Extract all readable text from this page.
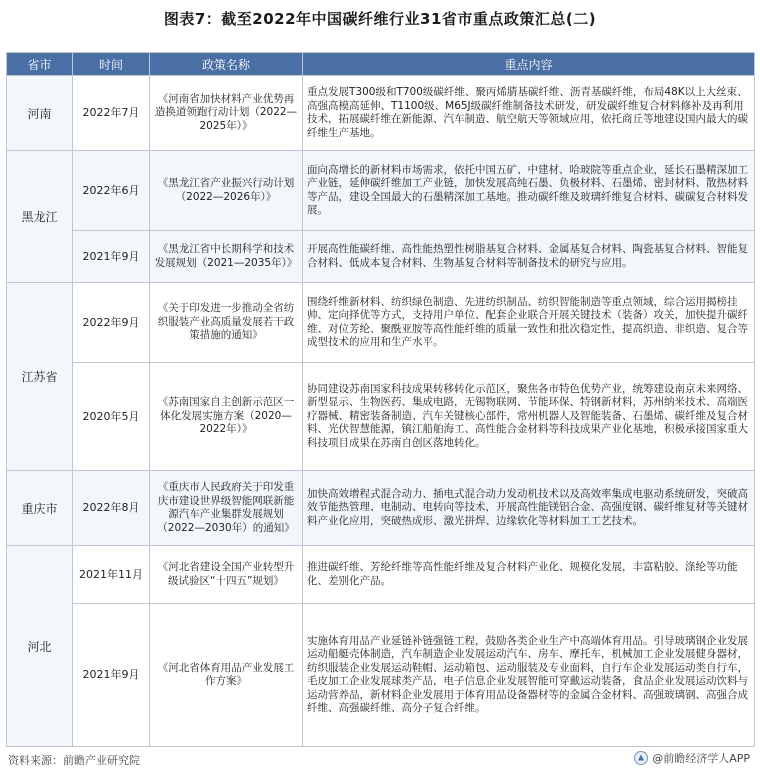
图表7：截至2022年中国碳纤维行业31省市重点政策汇总(二)
省市	时间	政策名称	重点内容
河南	2022年7月	《河南省加快材料产业优势再造换道领跑行动计划（2022—2025年）》	重点发展T300级和T700级碳纤维、聚丙烯腈基碳纤维、沥青基碳纤维，布局48K以上大丝束、高强高模高延伸、T1100级、M65J级碳纤维制备技术研发，研发碳纤维复合材料修补及再利用技术，拓展碳纤维在新能源、汽车制造、航空航天等领域应用，依托商丘等地建设国内最大的碳纤维生产基地。
黑龙江	2022年6月	《黑龙江省产业振兴行动计划（2022—2026年）》	面向高增长的新材料市场需求，依托中国五矿、中建材、哈玻院等重点企业，延长石墨精深加工产业链，延伸碳纤维加工产业链，加快发展高纯石墨、负极材料、石墨烯、密封材料、散热材料等产品，建设全国最大的石墨精深加工基地。推动碳纤维及玻璃纤维复合材料、碳碳复合材料发展。
	2021年9月	《黑龙江省中长期科学和技术发展规划（2021—2035年）》	开展高性能碳纤维、高性能热塑性树脂基复合材料、金属基复合材料、陶瓷基复合材料、智能复合材料、低成本复合材料、生物基复合材料等制备技术的研究与应用。
江苏省	2022年9月	《关于印发进一步推动全省纺织服装产业高质量发展若干政策措施的通知》	围绕纤维新材料、纺织绿色制造、先进纺织制品、纺织智能制造等重点领域，综合运用揭榜挂帅、定向择优等方式，支持用户单位、配套企业联合开展关键技术（装备）攻关，加快提升碳纤维、对位芳纶、聚酰亚胺等高性能纤维的质量一致性和批次稳定性，提高织造、非织造、复合等成型技术的应用和生产水平。
	2020年5月	《苏南国家自主创新示范区一体化发展实施方案（2020—2022年）》	协同建设苏南国家科技成果转移转化示范区，聚焦各市特色优势产业，统筹建设南京未来网络、新型显示、生物医药、集成电路，无锡物联网、节能环保、特钢新材料，苏州纳米技术、高端医疗器械、精密装备制造、汽车关键核心部件，常州机器人及智能装备、石墨烯、碳纤维及复合材料、光伏智慧能源，镇江船舶海工、高性能合金材料等科技成果产业化基地，积极承接国家重大科技项目成果在苏南自创区落地转化。
重庆市	2022年8月	《重庆市人民政府关于印发重庆市建设世界级智能网联新能源汽车产业集群发展规划（2022—2030年）的通知》	加快高效增程式混合动力、插电式混合动力发动机技术以及高效率集成电驱动系统研发，突破高效节能热管理、电制动、电转向等技术，开展高性能镁铝合金、高强度钢、碳纤维复材等关键材料产业化应用，突破热成形、激光拼焊、边缘软化等材料加工工艺技术。
河北	2021年11月	《河北省建设全国产业转型升级试验区“十四五”规划》	推进碳纤维、芳纶纤维等高性能纤维及复合材料产业化、规模化发展，丰富粘胶、涤纶等功能化、差别化产品。
	2021年9月	《河北省体育用品产业发展工作方案》	实施体育用品产业延链补链强链工程，鼓励各类企业生产中高端体育用品。引导玻璃钢企业发展运动船艇壳体制造，汽车制造企业发展运动汽车、房车、摩托车，机械加工企业发展健身器材，纺织服装企业发展运动鞋帽、运动箱包、运动服装及专业面料，自行车企业发展运动类自行车，毛皮加工企业发展球类产品，电子信息企业发展智能可穿戴运动装备，食品企业发展运动饮料与运动营养品，新材料企业发展用于体育用品设备器材等的金属合金材料、高强玻璃钢、高强合成纤维、高强碳纤维、高分子复合纤维。
资料来源：前瞻产业研究院	@前瞻经济学人APP
